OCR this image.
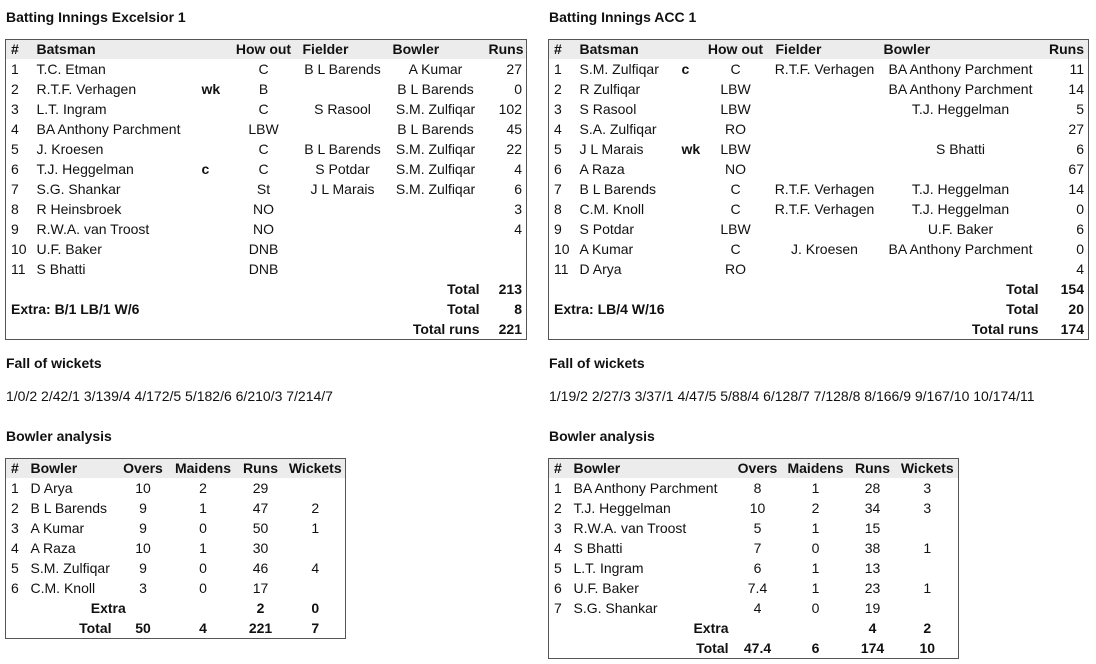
Batting Innings Excelsior 1
#	Batsman		How out	Fielder	Bowler	Runs
1	T.C. Etman		C	B L Barends	A Kumar	27
2	R.T.F. Verhagen	wk	B		B L Barends	0
3	L.T. Ingram		C	S Rasool	S.M. Zulfiqar	102
4	BA Anthony Parchment		LBW		B L Barends	45
5	J. Kroesen		C	B L Barends	S.M. Zulfiqar	22
6	T.J. Heggelman	c	C	S Potdar	S.M. Zulfiqar	4
7	S.G. Shankar		St	J L Marais	S.M. Zulfiqar	6
8	R Heinsbroek		NO			3
9	R.W.A. van Troost		NO			4
10	U.F. Baker		DNB			
11	S Bhatti		DNB			
Total						213
Extra: B/1 LB/1 W/6				Total		8
Total runs						221
Fall of wickets
1/0/2 2/42/1 3/139/4 4/172/5 5/182/6 6/210/3 7/214/7
Bowler analysis
#	Bowler	Overs	Maidens	Runs	Wickets
1	D Arya	10	2	29	
2	B L Barends	9	1	47	2
3	A Kumar	9	0	50	1
4	A Raza	10	1	30	
5	S.M. Zulfiqar	9	0	46	4
6	C.M. Knoll	3	0	17	
Extra				2	0
Total		50	4	221	7
Batting Innings ACC 1
#	Batsman		How out	Fielder	Bowler	Runs
1	S.M. Zulfiqar	c	C	R.T.F. Verhagen	BA Anthony Parchment	11
2	R Zulfiqar		LBW		BA Anthony Parchment	14
3	S Rasool		LBW		T.J. Heggelman	5
4	S.A. Zulfiqar		RO			27
5	J L Marais	wk	LBW		S Bhatti	6
6	A Raza		NO			67
7	B L Barends		C	R.T.F. Verhagen	T.J. Heggelman	14
8	C.M. Knoll		C	R.T.F. Verhagen	T.J. Heggelman	0
9	S Potdar		LBW		U.F. Baker	6
10	A Kumar		C	J. Kroesen	BA Anthony Parchment	0
11	D Arya		RO			4
Total						154
Extra: LB/4 W/16				Total		20
Total runs						174
Fall of wickets
1/19/2 2/27/3 3/37/1 4/47/5 5/88/4 6/128/7 7/128/8 8/166/9 9/167/10 10/174/11
Bowler analysis
#	Bowler	Overs	Maidens	Runs	Wickets
1	BA Anthony Parchment	8	1	28	3
2	T.J. Heggelman	10	2	34	3
3	R.W.A. van Troost	5	1	15	
4	S Bhatti	7	0	38	1
5	L.T. Ingram	6	1	13	
6	U.F. Baker	7.4	1	23	1
7	S.G. Shankar	4	0	19	
Extra				4	2
Total		47.4	6	174	10
